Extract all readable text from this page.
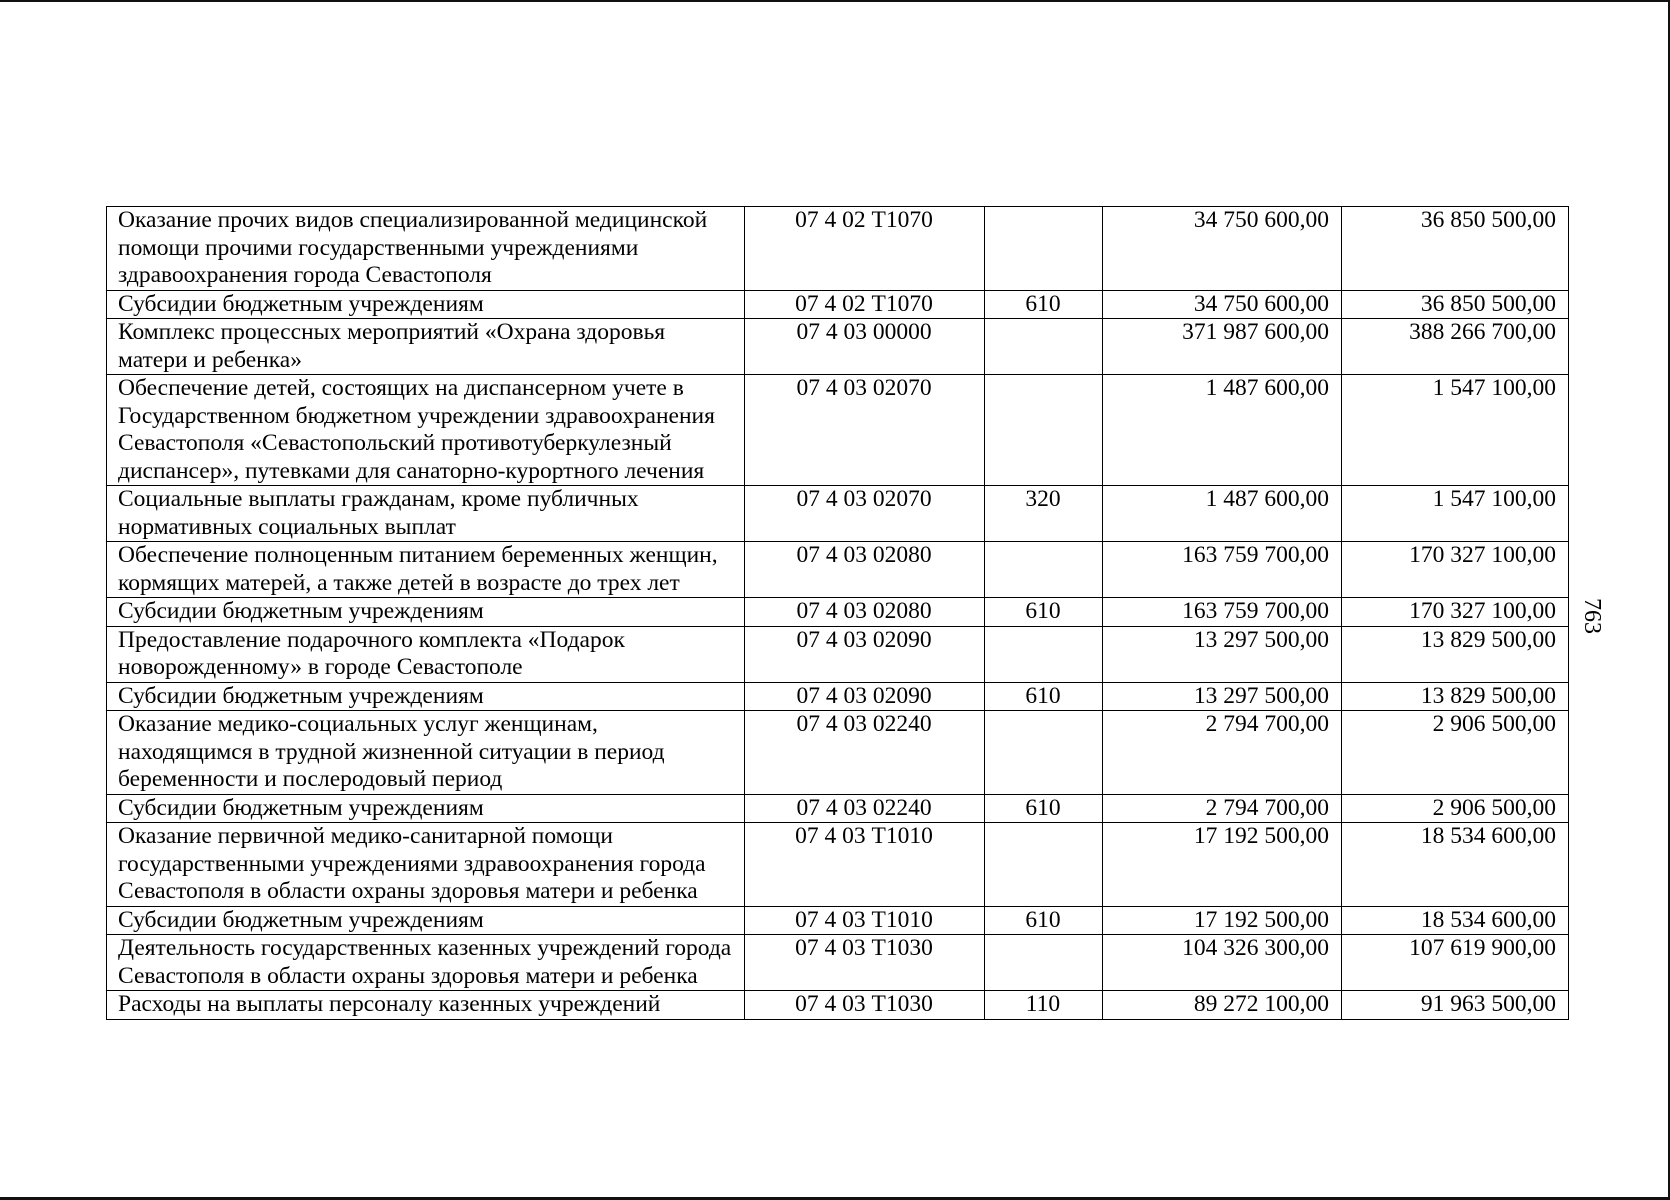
763
Оказание прочих видов специализированной медицинской помощи прочими государственными учреждениями здравоохранения города Севастополя	07 4 02 Т1070		34 750 600,00	36 850 500,00
Субсидии бюджетным учреждениям	07 4 02 Т1070	610	34 750 600,00	36 850 500,00
Комплекс процессных мероприятий «Охрана здоровья матери и ребенка»	07 4 03 00000		371 987 600,00	388 266 700,00
Обеспечение детей, состоящих на диспансерном учете в Государственном бюджетном учреждении здравоохранения Севастополя «Севастопольский противотуберкулезный диспансер», путевками для санаторно-курортного лечения	07 4 03 02070		1 487 600,00	1 547 100,00
Социальные выплаты гражданам, кроме публичных нормативных социальных выплат	07 4 03 02070	320	1 487 600,00	1 547 100,00
Обеспечение полноценным питанием беременных женщин, кормящих матерей, а также детей в возрасте до трех лет	07 4 03 02080		163 759 700,00	170 327 100,00
Субсидии бюджетным учреждениям	07 4 03 02080	610	163 759 700,00	170 327 100,00
Предоставление подарочного комплекта «Подарок новорожденному» в городе Севастополе	07 4 03 02090		13 297 500,00	13 829 500,00
Субсидии бюджетным учреждениям	07 4 03 02090	610	13 297 500,00	13 829 500,00
Оказание медико-социальных услуг женщинам, находящимся в трудной жизненной ситуации в период беременности и послеродовый период	07 4 03 02240		2 794 700,00	2 906 500,00
Субсидии бюджетным учреждениям	07 4 03 02240	610	2 794 700,00	2 906 500,00
Оказание первичной медико-санитарной помощи государственными учреждениями здравоохранения города Севастополя в области охраны здоровья матери и ребенка	07 4 03 Т1010		17 192 500,00	18 534 600,00
Субсидии бюджетным учреждениям	07 4 03 Т1010	610	17 192 500,00	18 534 600,00
Деятельность государственных казенных учреждений города Севастополя в области охраны здоровья матери и ребенка	07 4 03 Т1030		104 326 300,00	107 619 900,00
Расходы на выплаты персоналу казенных учреждений	07 4 03 Т1030	110	89 272 100,00	91 963 500,00
